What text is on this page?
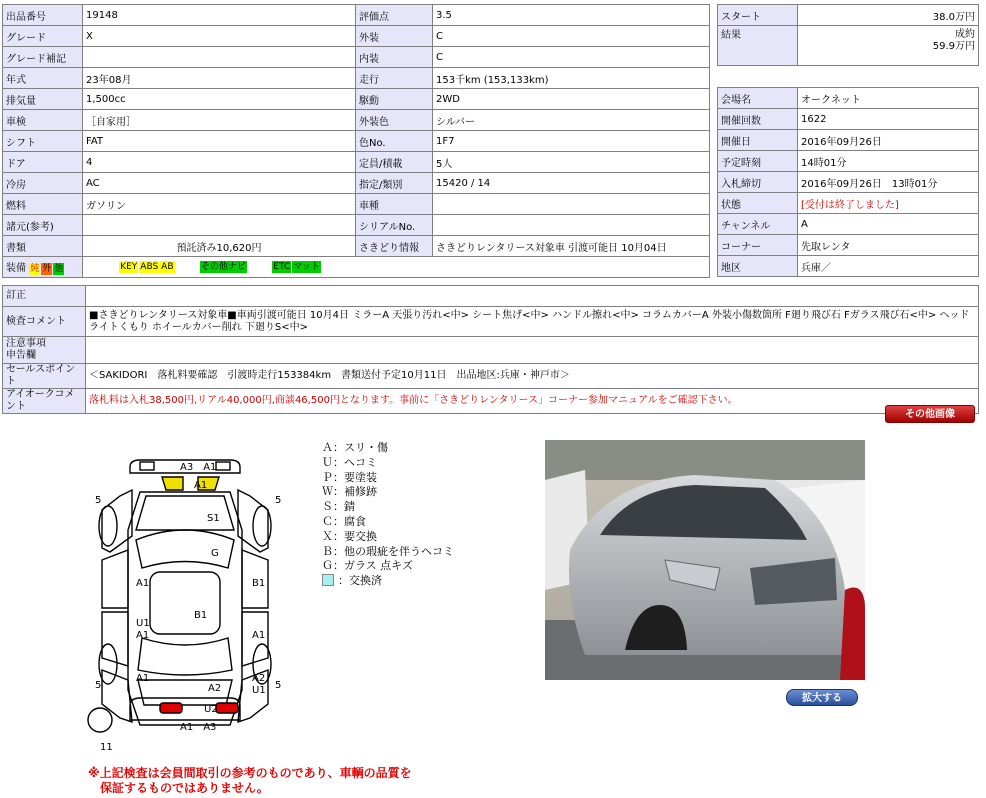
出品番号	19148	評価点	3.5
グレード	X	外装	C
グレード補記		内装	C
年式	23年08月	走行	153千km (153,133km)
排気量	1,500cc	駆動	2WD
車検	［自家用］	外装色	シルバー
シフト	FAT	色No.	1F7
ドア	4	定員/積載	5人
冷房	AC	指定/類別	15420 / 14
燃料	ガソリン	車種	
諸元(参考)		シリアルNo.	
書類	預託済み10,620円	さきどり情報	さきどりレンタリース対象車 引渡可能日 10月04日
装備 純 外 他	KEY ABS AB その他ナビ ETC マット		
スタート	38.0万円
結果	成約
59.9万円
会場名	オークネット
開催回数	1622
開催日	2016年09月26日
予定時刻	14時01分
入札締切	2016年09月26日　13時01分
状態	[受付は終了しました]
チャンネル	A
コーナー	先取レンタ
地区	兵庫／
訂正	
検査コメント	■さきどりレンタリース対象車■車両引渡可能日 10月4日 ミラーA 天張り汚れ<中> シート焦げ<中> ハンドル擦れ<中> コラムカバーA 外装小傷数箇所 F廻り飛び石 Fガラス飛び石<中> ヘッドライトくもり ホイールカバー削れ 下廻りS<中>
注意事項
申告欄	
セールスポイント	＜SAKIDORI　落札料要確認　引渡時走行153384km　書類送付予定10月11日　出品地区:兵庫・神戸市＞
アイオークコメント	落札料は入札38,500円,リアル40,000円,商談46,500円となります。事前に「さきどりレンタリース」コーナー参加マニュアルをご確認下さい。
その他画像
A3　A1
A1
S1
G
A1	B1
B1
U1
A1	A1
A1	A2
U1
A2
U2
A1　A3
5	5
5	5
11
Ａ：スリ・傷
Ｕ：ヘコミ
Ｐ：要塗装
Ｗ：補修跡
Ｓ：錆
Ｃ：腐食
Ｘ：要交換
Ｂ：他の瑕疵を伴うヘコミ
Ｇ：ガラス 点キズ
：交換済
拡大する
※上記検査は会員間取引の参考のものであり、車輌の品質を
　保証するものではありません。
